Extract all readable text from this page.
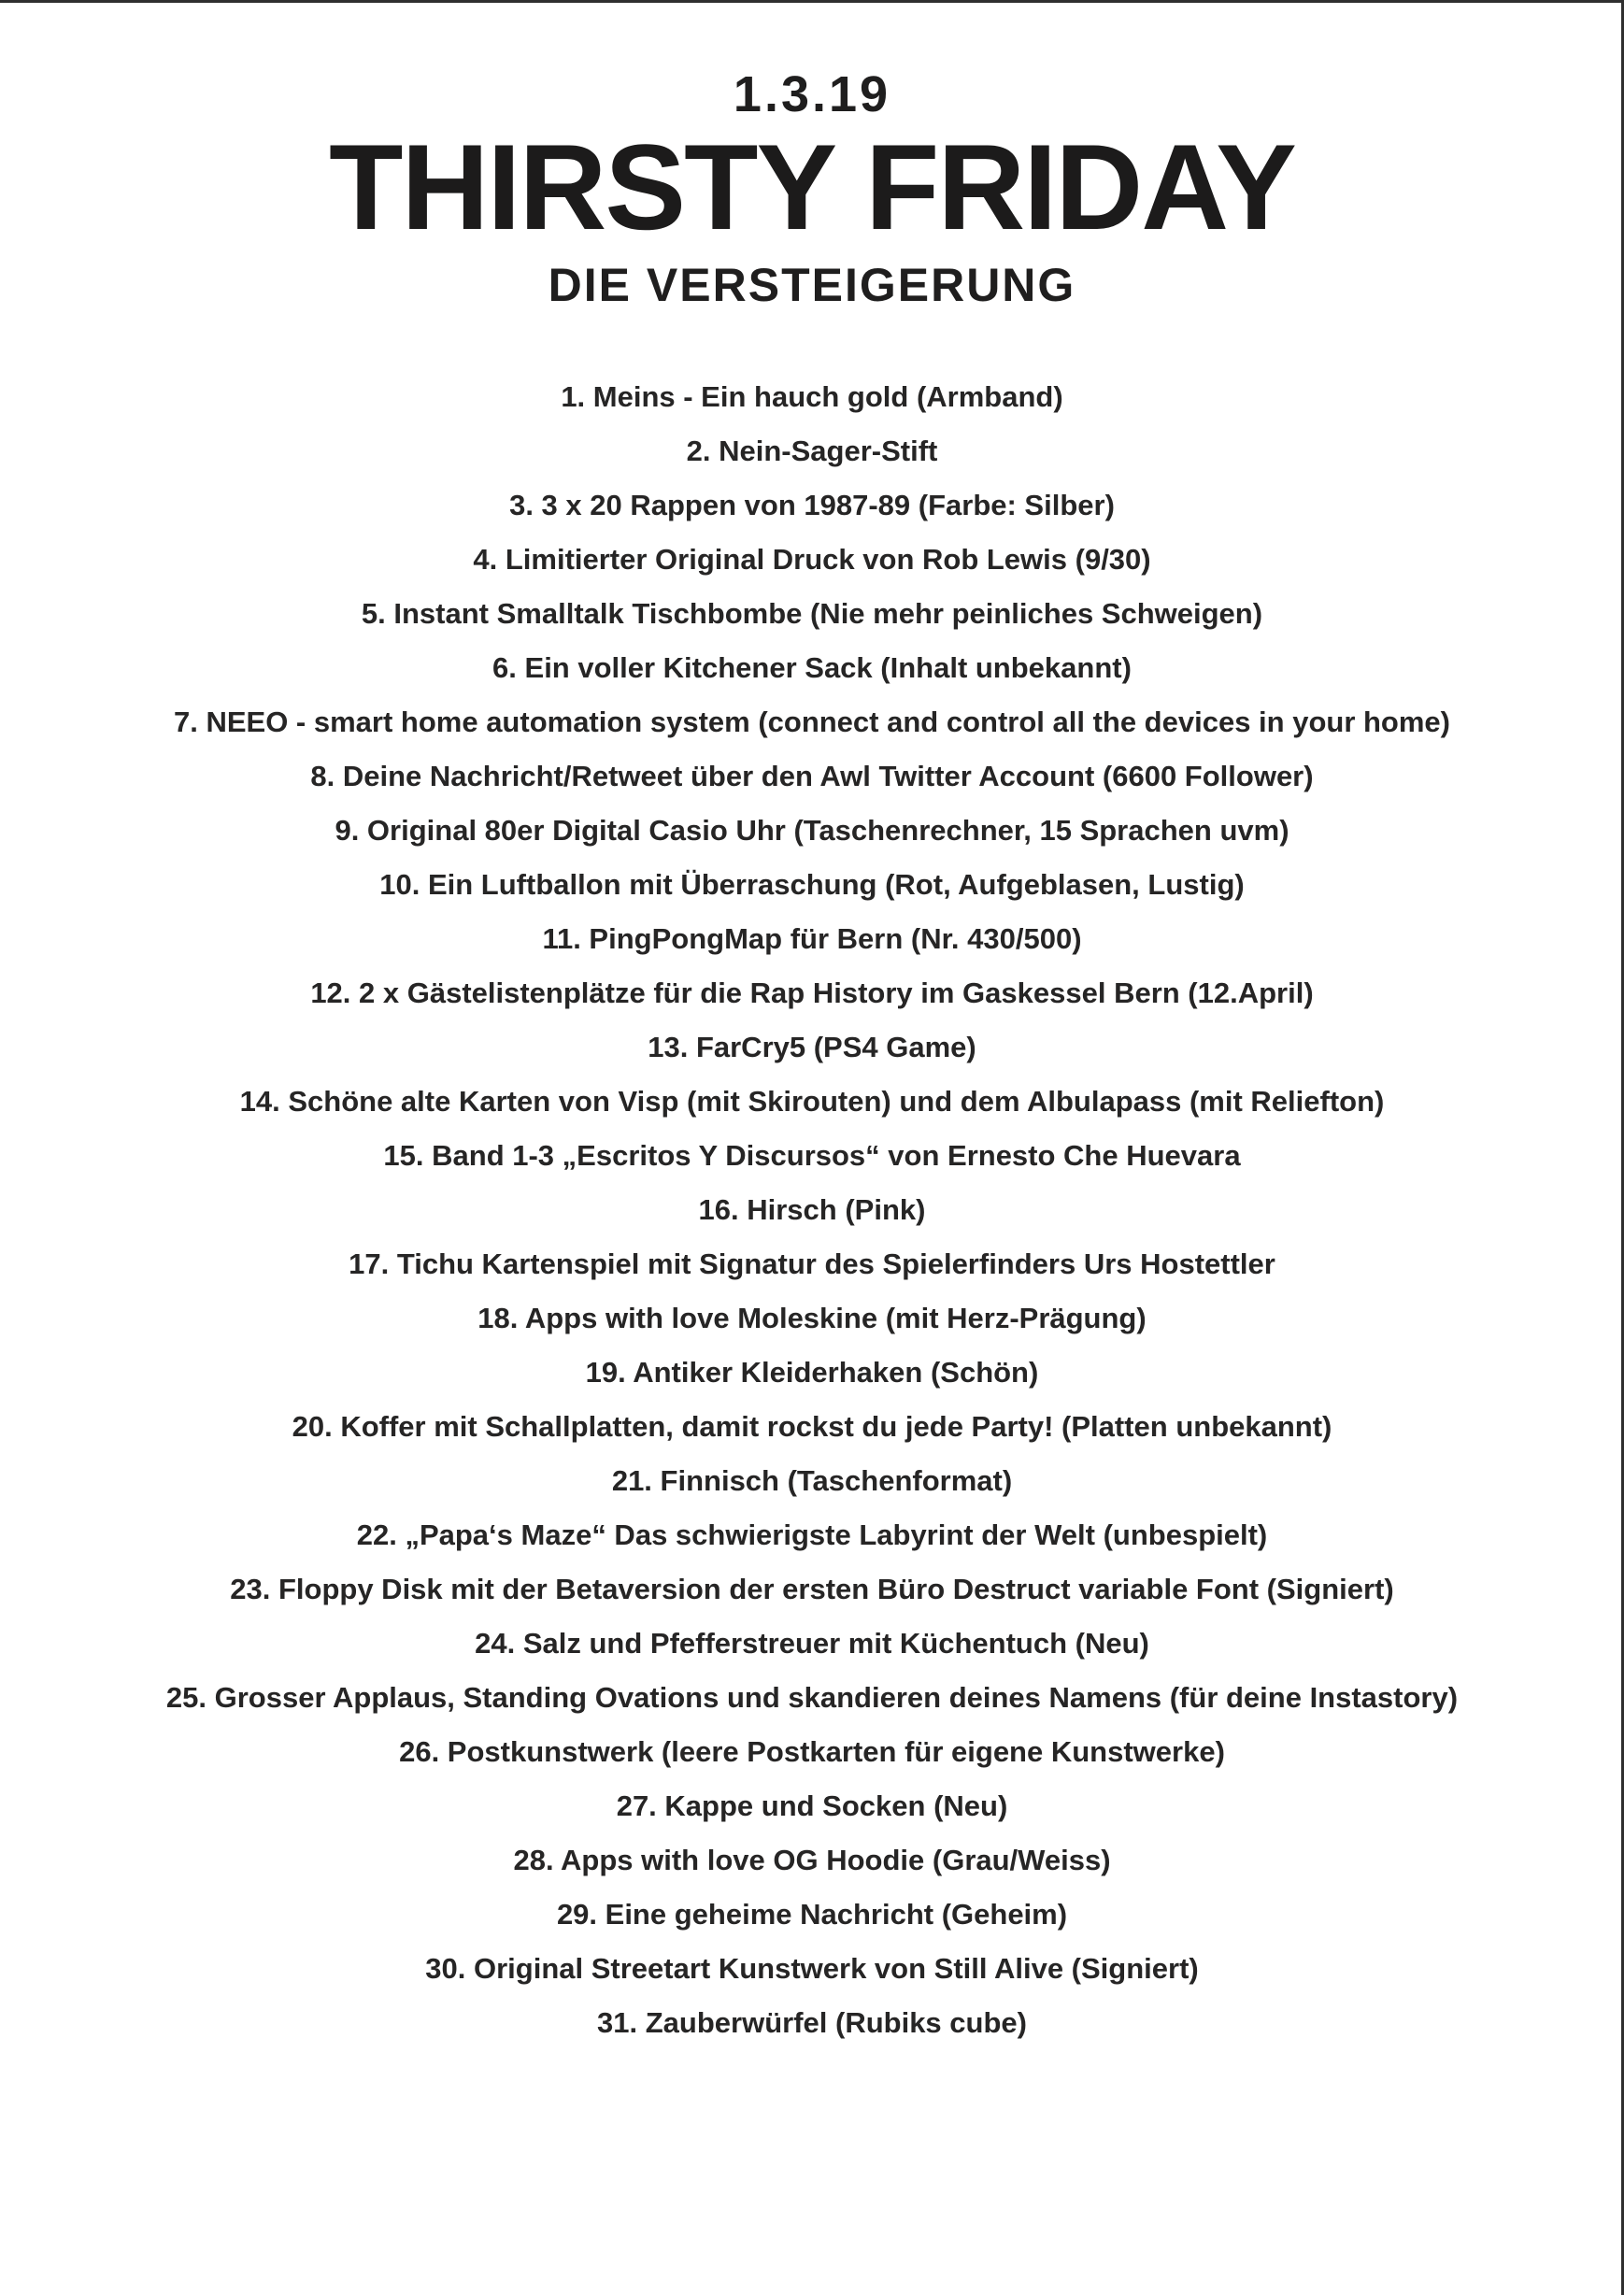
1.3.19
THIRSTY FRIDAY
DIE VERSTEIGERUNG
1. Meins - Ein hauch gold (Armband)
2. Nein-Sager-Stift
3. 3 x 20 Rappen von 1987-89 (Farbe: Silber)
4. Limitierter Original Druck von Rob Lewis (9/30)
5. Instant Smalltalk Tischbombe (Nie mehr peinliches Schweigen)
6. Ein voller Kitchener Sack (Inhalt unbekannt)
7. NEEO - smart home automation system (connect and control all the devices in your home)
8. Deine Nachricht/Retweet über den Awl Twitter Account (6600 Follower)
9. Original 80er Digital Casio Uhr (Taschenrechner, 15 Sprachen uvm)
10. Ein Luftballon mit Überraschung (Rot, Aufgeblasen, Lustig)
11. PingPongMap für Bern (Nr. 430/500)
12. 2 x Gästelistenplätze für die Rap History im Gaskessel Bern (12.April)
13. FarCry5 (PS4 Game)
14. Schöne alte Karten von Visp (mit Skirouten) und dem Albulapass (mit Reliefton)
15. Band 1-3 „Escritos Y Discursos“ von Ernesto Che Huevara
16. Hirsch (Pink)
17. Tichu Kartenspiel mit Signatur des Spielerfinders Urs Hostettler
18. Apps with love Moleskine (mit Herz-Prägung)
19. Antiker Kleiderhaken (Schön)
20. Koffer mit Schallplatten, damit rockst du jede Party! (Platten unbekannt)
21. Finnisch (Taschenformat)
22. „Papa‘s Maze“ Das schwierigste Labyrint der Welt (unbespielt)
23. Floppy Disk mit der Betaversion der ersten Büro Destruct variable Font (Signiert)
24. Salz und Pfefferstreuer mit Küchentuch (Neu)
25. Grosser Applaus, Standing Ovations und skandieren deines Namens (für deine Instastory)
26. Postkunstwerk (leere Postkarten für eigene Kunstwerke)
27. Kappe und Socken (Neu)
28. Apps with love OG Hoodie (Grau/Weiss)
29. Eine geheime Nachricht (Geheim)
30. Original Streetart Kunstwerk von Still Alive (Signiert)
31. Zauberwürfel (Rubiks cube)
